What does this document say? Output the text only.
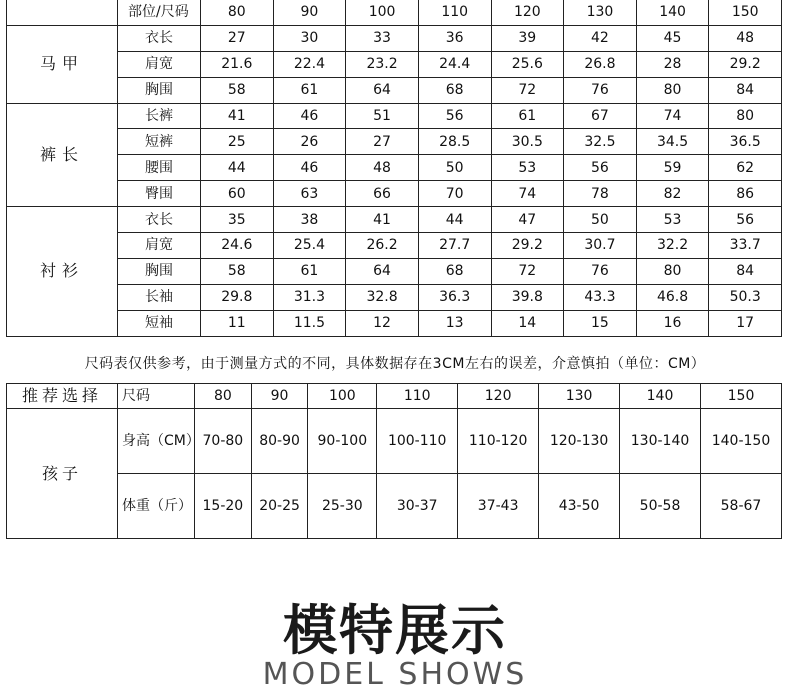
	部位/尺码	80	90	100	110	120	130	140	150
马甲	衣长	27	30	33	36	39	42	45	48
	肩宽	21.6	22.4	23.2	24.4	25.6	26.8	28	29.2
	胸围	58	61	64	68	72	76	80	84
裤长	长裤	41	46	51	56	61	67	74	80
	短裤	25	26	27	28.5	30.5	32.5	34.5	36.5
	腰围	44	46	48	50	53	56	59	62
	臀围	60	63	66	70	74	78	82	86
衬衫	衣长	35	38	41	44	47	50	53	56
	肩宽	24.6	25.4	26.2	27.7	29.2	30.7	32.2	33.7
	胸围	58	61	64	68	72	76	80	84
	长袖	29.8	31.3	32.8	36.3	39.8	43.3	46.8	50.3
	短袖	11	11.5	12	13	14	15	16	17
尺码表仅供参考，由于测量方式的不同，具体数据存在3CM左右的误差，介意慎拍（单位：CM）
推荐选择	尺码	80	90	100	110	120	130	140	150
孩子	身高（CM）	70-80	80-90	90-100	100-110	110-120	120-130	130-140	140-150
	体重（斤）	15-20	20-25	25-30	30-37	37-43	43-50	50-58	58-67
模特展示
MODEL SHOWS
